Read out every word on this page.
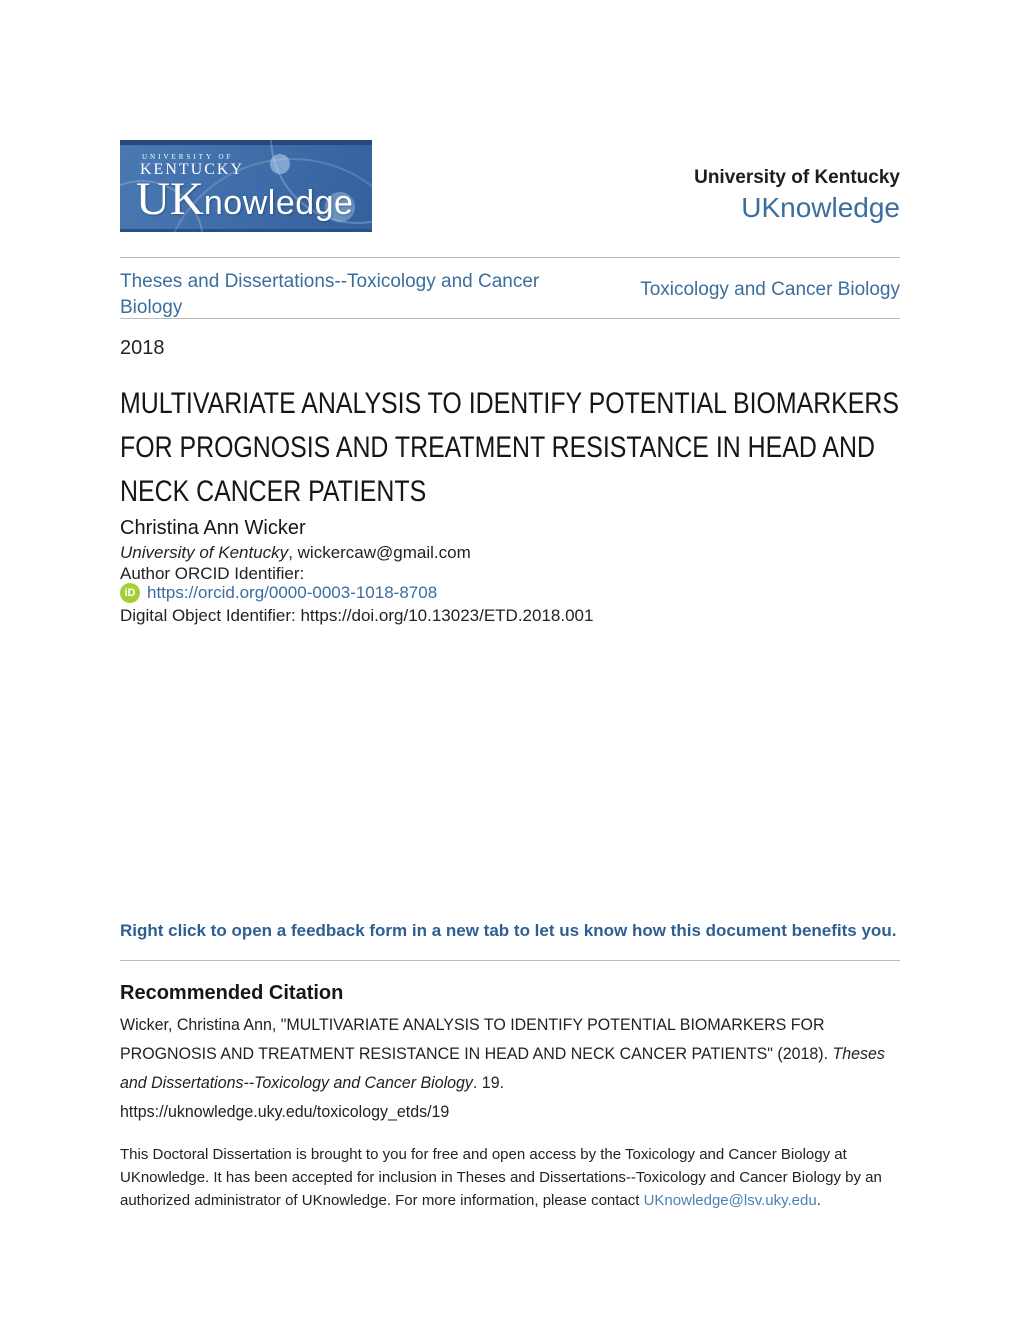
UNIVERSITY OF
KENTUCKY
UKnowledge
University of Kentucky
UKnowledge
Theses and Dissertations--Toxicology and Cancer Biology
Toxicology and Cancer Biology
2018
MULTIVARIATE ANALYSIS TO IDENTIFY POTENTIAL BIOMARKERS FOR PROGNOSIS AND TREATMENT RESISTANCE IN HEAD AND NECK CANCER PATIENTS
Christina Ann Wicker
University of Kentucky, wickercaw@gmail.com
Author ORCID Identifier:
iD https://orcid.org/0000-0003-1018-8708
Digital Object Identifier: https://doi.org/10.13023/ETD.2018.001
Right click to open a feedback form in a new tab to let us know how this document benefits you.
Recommended Citation
Wicker, Christina Ann, "MULTIVARIATE ANALYSIS TO IDENTIFY POTENTIAL BIOMARKERS FOR PROGNOSIS AND TREATMENT RESISTANCE IN HEAD AND NECK CANCER PATIENTS" (2018). Theses and Dissertations--Toxicology and Cancer Biology. 19.
https://uknowledge.uky.edu/toxicology_etds/19
This Doctoral Dissertation is brought to you for free and open access by the Toxicology and Cancer Biology at UKnowledge. It has been accepted for inclusion in Theses and Dissertations--Toxicology and Cancer Biology by an authorized administrator of UKnowledge. For more information, please contact UKnowledge@lsv.uky.edu.
